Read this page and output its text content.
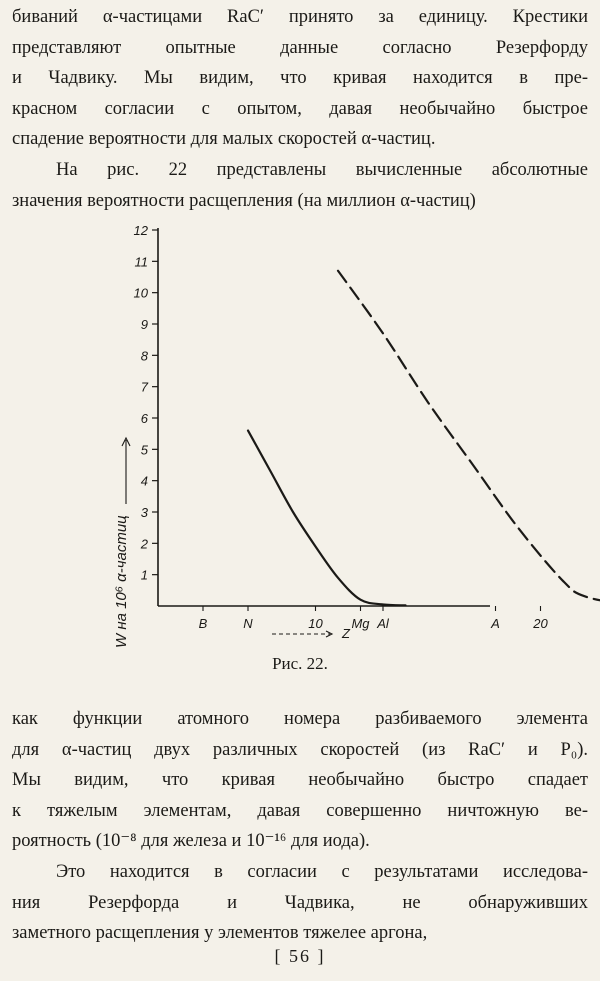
бивaний α-частицами RaC′ принято за единицу. Крестики
представляют опытные данные согласно Резерфорду
и Чадвику. Мы видим, что кривая находится в пре-
красном согласии с опытом, давая необычайно быстрое
спадение вероятности для малых скоростей α-частиц.
На рис. 22 представлены вычисленные абсолютные
значения вероятности расщепления (на миллион α-частиц)
1
2
3
4
5
6
7
8
9
10
11
12
B	N	10 Mg Al	A	20
W на 10⁶ α-частиц	Z
Рис. 22.
как функции атомного номера разбиваемого элемента
для α-частиц двух различных скоростей (из RaC′ и P₀).
Мы видим, что кривая необычайно быстро спадает
к тяжелым элементам, давая совершенно ничтожную ве-
роятность (10⁻⁸ для железа и 10⁻¹⁶ для иода).
Это находится в согласии с результатами исследова-
ния Резерфорда и Чадвика, не обнаруживших
заметного расщепления у элементов тяжелее аргона,
[ 56 ]
